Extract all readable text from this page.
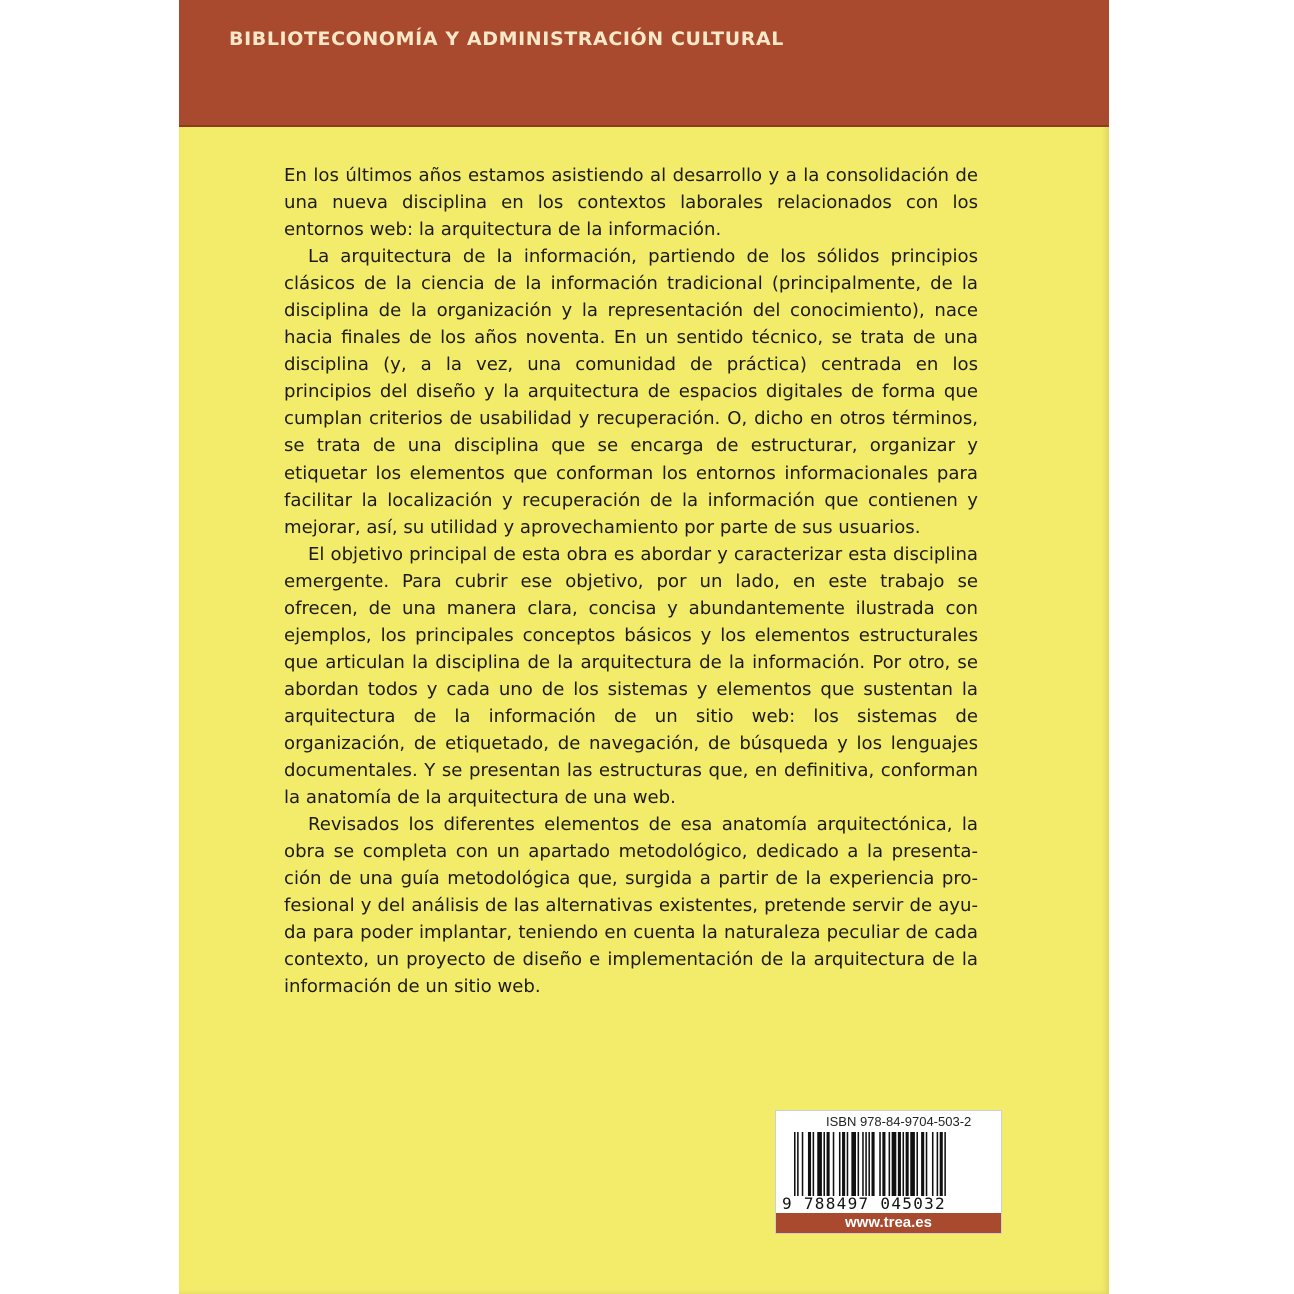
BIBLIOTECONOMÍA Y ADMINISTRACIÓN CULTURAL

En los últimos años estamos asistiendo al desarrollo y a la consolidación de una nueva disciplina en los contextos laborales relacionados con los entornos web: la arquitectura de la información.

La arquitectura de la información, partiendo de los sólidos principios clásicos de la ciencia de la información tradicional (principalmente, de la disciplina de la organización y la representación del conocimiento), nace hacia finales de los años noventa. En un sentido técnico, se trata de una disciplina (y, a la vez, una comunidad de práctica) centrada en los principios del diseño y la arquitectura de espacios digitales de forma que cumplan criterios de usabilidad y recuperación. O, dicho en otros términos, se trata de una disciplina que se encarga de estructurar, organizar y etiquetar los elementos que conforman los entornos informacionales para facilitar la localización y recuperación de la información que contienen y mejorar, así, su utilidad y aprovechamiento por parte de sus usuarios.

El objetivo principal de esta obra es abordar y caracterizar esta disciplina emergente. Para cubrir ese objetivo, por un lado, en este trabajo se ofrecen, de una manera clara, concisa y abundantemente ilustrada con ejemplos, los principales conceptos básicos y los elementos estructurales que articulan la disciplina de la arquitectura de la información. Por otro, se abordan todos y cada uno de los sistemas y elementos que sustentan la arquitectura de la información de un sitio web: los sistemas de organización, de etiquetado, de navegación, de búsqueda y los lenguajes documentales. Y se presentan las estructuras que, en definitiva, conforman la anatomía de la arquitectura de una web.

Revisados los diferentes elementos de esa anatomía arquitectónica, la obra se completa con un apartado metodológico, dedicado a la presentación de una guía metodológica que, surgida a partir de la experiencia profesional y del análisis de las alternativas existentes, pretende servir de ayuda para poder implantar, teniendo en cuenta la naturaleza peculiar de cada contexto, un proyecto de diseño e implementación de la arquitectura de la información de un sitio web.

ISBN 978-84-9704-503-2
9 788497 045032
www.trea.es
